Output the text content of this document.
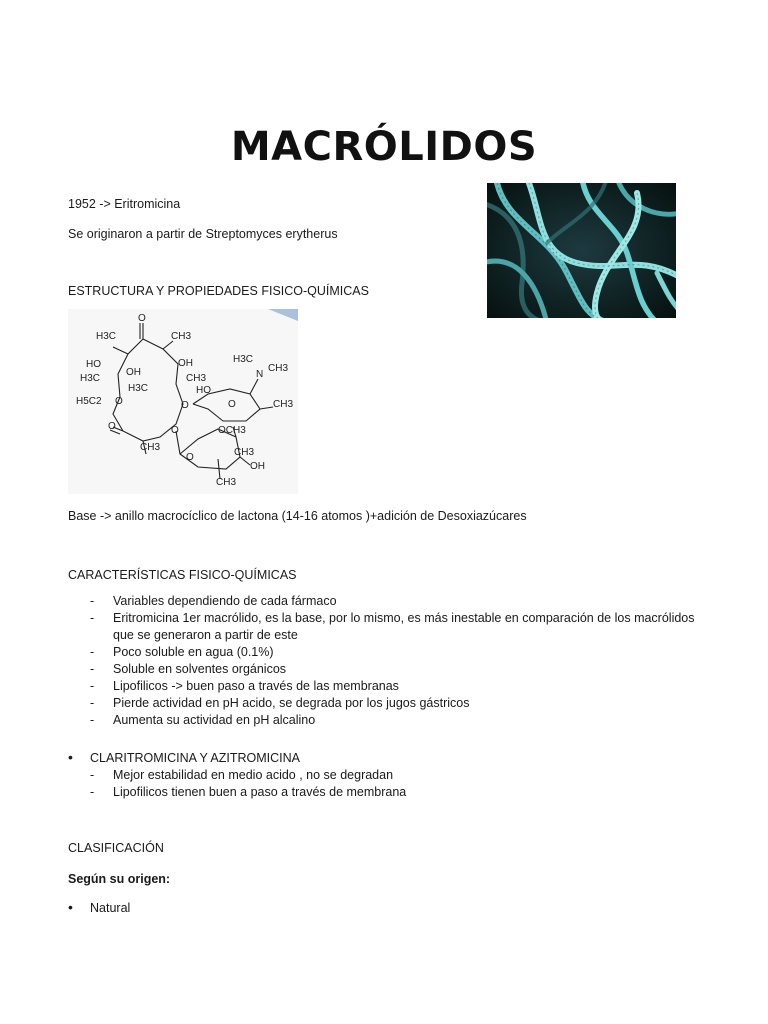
MACRÓLIDOS
1952 -> Eritromicina
Se originaron a partir de Streptomyces erytherus
ESTRUCTURA Y PROPIEDADES FISICO-QUÍMICAS
O
H3C	CH3
HO
OH
OH
H3C	CH3
H3C
N
CH3
HO
H5C2
H3C
CH3
O	O	O
O
CH3
O	OCH3
O	CH3
OH
CH3
Base -> anillo macrocíclico de lactona (14-16 atomos )+adición de Desoxiazúcares
CARACTERÍSTICAS FISICO-QUÍMICAS
- Variables dependiendo de cada fármaco
- Eritromicina 1er macrólido, es la base, por lo mismo, es más inestable en comparación de los macrólidos que se generaron a partir de este
- Poco soluble en agua (0.1%)
- Soluble en solventes orgánicos
- Lipofilicos -> buen paso a través de las membranas
- Pierde actividad en pH acido, se degrada por los jugos gástricos
- Aumenta su actividad en pH alcalino
• CLARITROMICINA Y AZITROMICINA
- Mejor estabilidad en medio acido , no se degradan
- Lipofilicos tienen buen a paso a través de membrana
CLASIFICACIÓN
Según su origen:
• Natural
